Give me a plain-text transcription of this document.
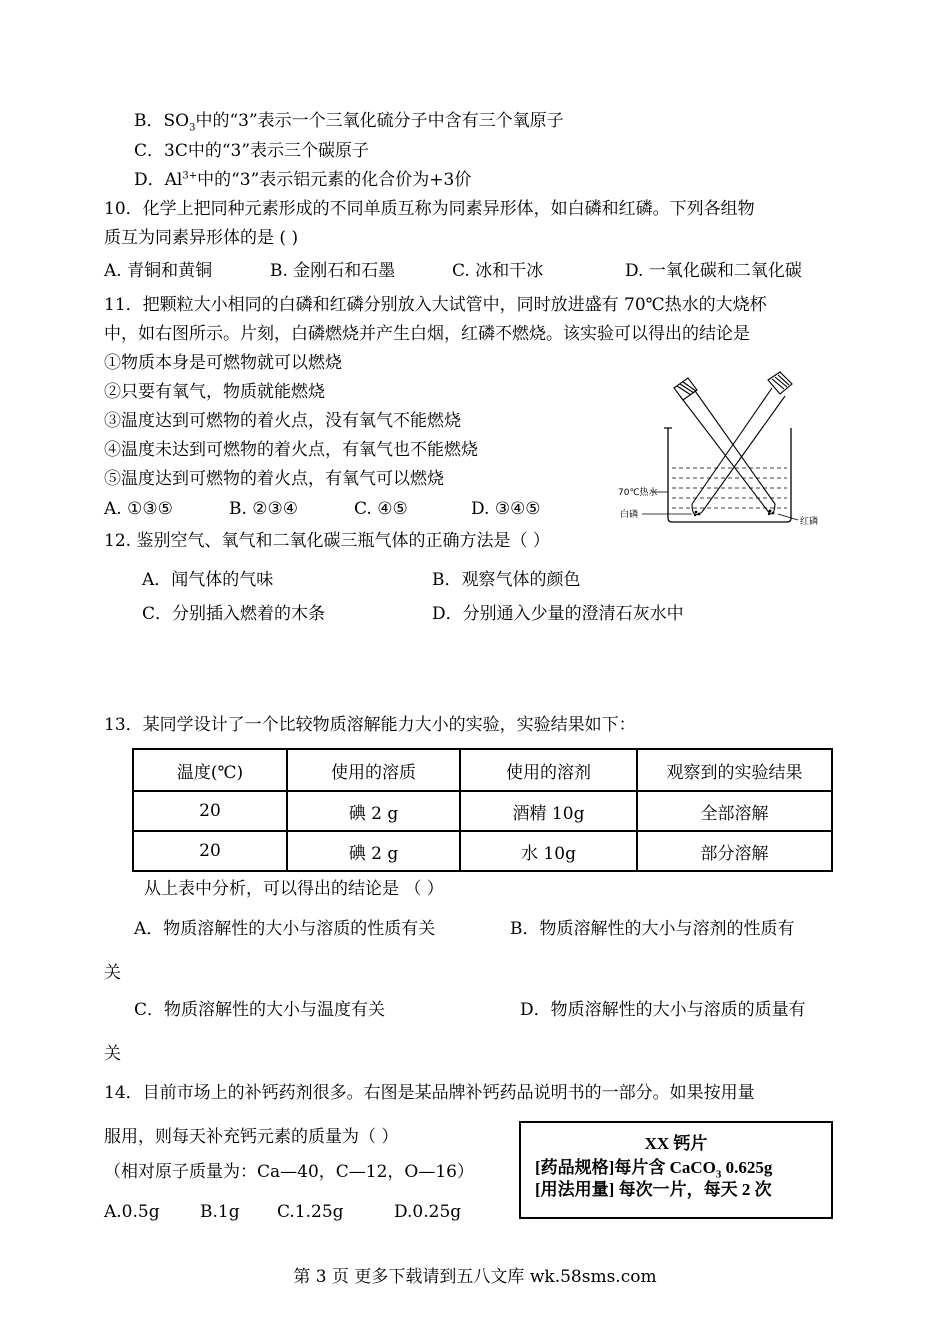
B．$SO_3$中的“3”表示一个三氧化硫分子中含有三个氧原子
C．3C中的“3”表示三个碳原子
D．$Al^{3+}$中的“3”表示铝元素的化合价为+3价
10．化学上把同种元素形成的不同单质互称为同素异形体，如白磷和红磷。下列各组物
质互为同素异形体的是 ( )
A. 青铜和黄铜	B. 金刚石和石墨	C. 冰和干冰	D. 一氧化碳和二氧化碳
11．把颗粒大小相同的白磷和红磷分别放入大试管中，同时放进盛有 70℃热水的大烧杯
中，如右图所示。片刻，白磷燃烧并产生白烟，红磷不燃烧。该实验可以得出的结论是
①物质本身是可燃物就可以燃烧
②只要有氧气，物质就能燃烧
③温度达到可燃物的着火点，没有氧气不能燃烧
④温度未达到可燃物的着火点，有氧气也不能燃烧
⑤温度达到可燃物的着火点，有氧气可以燃烧
A. ①③⑤	B. ②③④	C. ④⑤	D. ③④⑤
70℃热水
白磷
红磷
12. 鉴别空气、氧气和二氧化碳三瓶气体的正确方法是（ ）
A．闻气体的气味	B．观察气体的颜色
C．分别插入燃着的木条	D．分别通入少量的澄清石灰水中
13．某同学设计了一个比较物质溶解能力大小的实验，实验结果如下：
温度(℃)	使用的溶质	使用的溶剂	观察到的实验结果
20	碘 2 g	酒精 10g	全部溶解
20	碘 2 g	水 10g	部分溶解
从上表中分析，可以得出的结论是 （ ）
A．物质溶解性的大小与溶质的性质有关	B．物质溶解性的大小与溶剂的性质有
关
C．物质溶解性的大小与温度有关	D．物质溶解性的大小与溶质的质量有
关
14．目前市场上的补钙药剂很多。右图是某品牌补钙药品说明书的一部分。如果按用量
服用，则每天补充钙元素的质量为（ ）
（相对原子质量为：Ca—40，C—12，O—16）
A.0.5g B.1g C.1.25g	D.0.25g
XX 钙片
[药品规格]每片含 CaCO$_3$ 0.625g
[用法用量] 每次一片，每天 2 次
第 3 页 更多下载请到五八文库 wk.58sms.com
